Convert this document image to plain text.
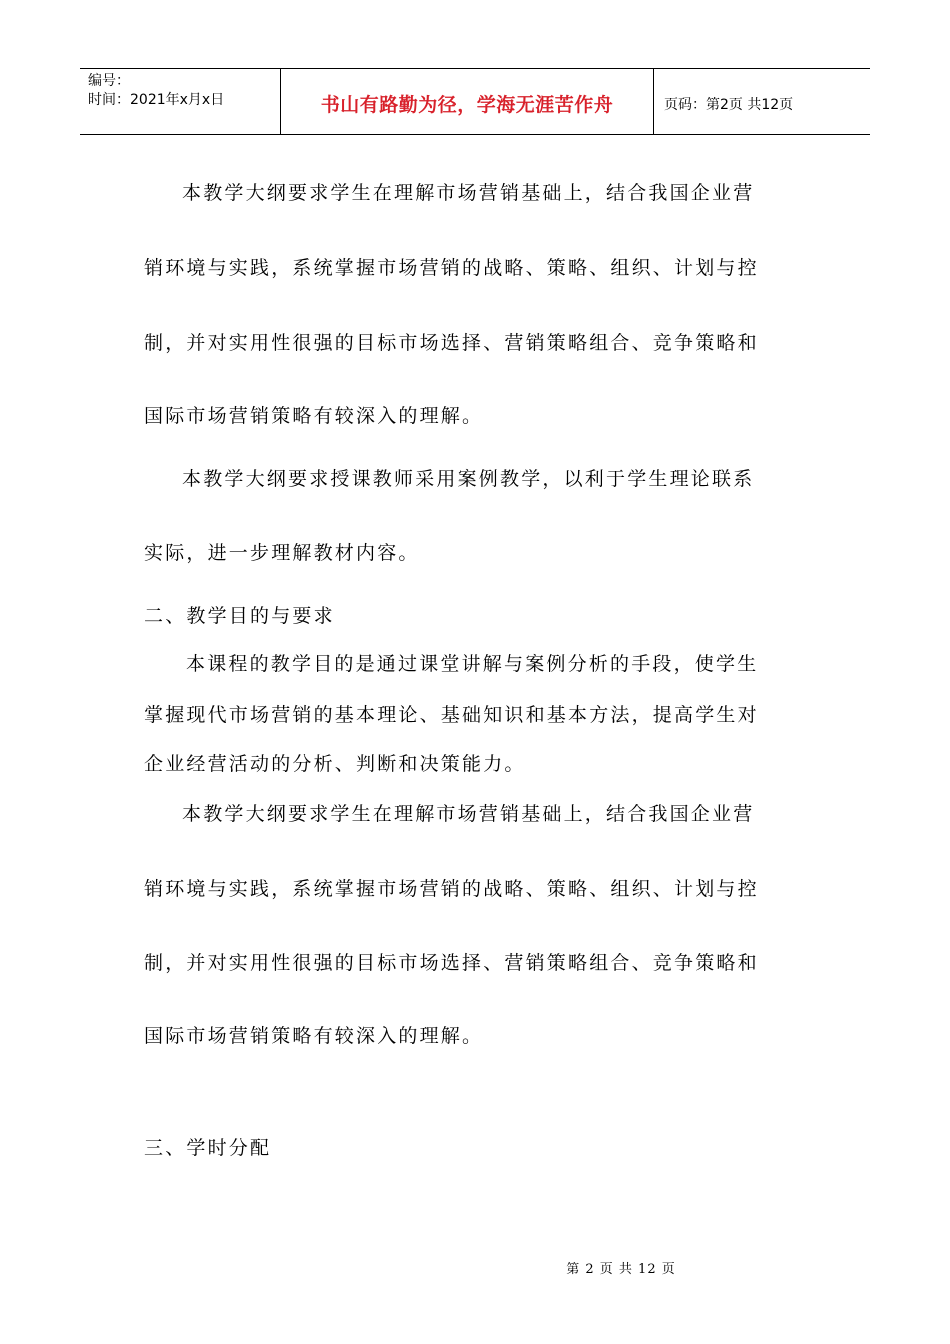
编号：
时间：2021年x月x日	书山有路勤为径，学海无涯苦作舟	页码：第2页 共12页
本教学大纲要求学生在理解市场营销基础上，结合我国企业营
销环境与实践，系统掌握市场营销的战略、策略、组织、计划与控
制，并对实用性很强的目标市场选择、营销策略组合、竞争策略和
国际市场营销策略有较深入的理解。
本教学大纲要求授课教师采用案例教学，以利于学生理论联系
实际，进一步理解教材内容。
二、教学目的与要求
本课程的教学目的是通过课堂讲解与案例分析的手段，使学生
掌握现代市场营销的基本理论、基础知识和基本方法，提高学生对
企业经营活动的分析、判断和决策能力。
本教学大纲要求学生在理解市场营销基础上，结合我国企业营
销环境与实践，系统掌握市场营销的战略、策略、组织、计划与控
制，并对实用性很强的目标市场选择、营销策略组合、竞争策略和
国际市场营销策略有较深入的理解。
三、学时分配
第 2 页 共 12 页
